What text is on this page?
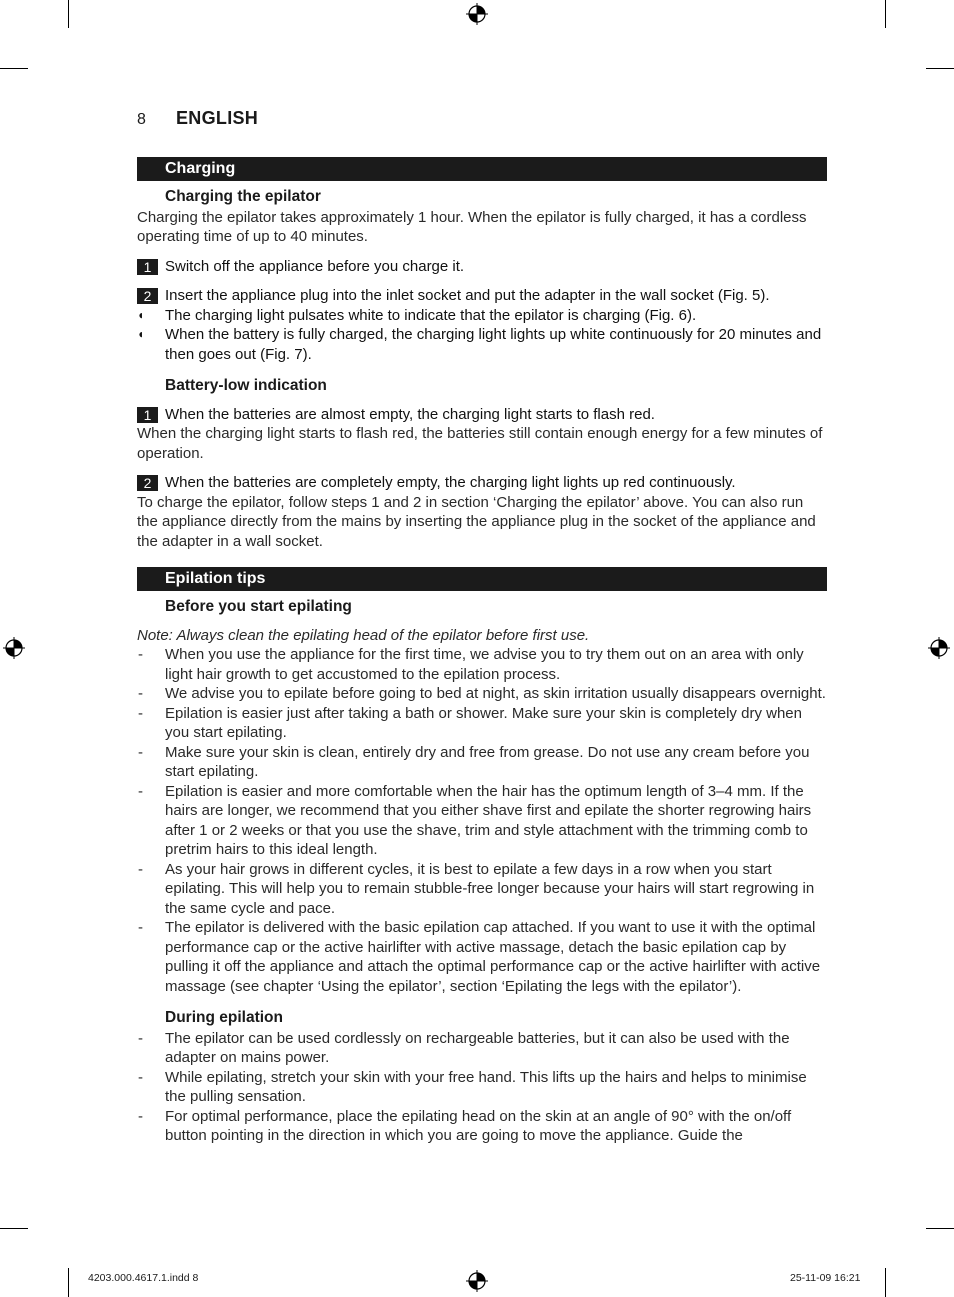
8 ENGLISH
Charging
Charging the epilator
Charging the epilator takes approximately 1 hour. When the epilator is fully charged, it has a cordless operating time of up to 40 minutes.
1 Switch off the appliance before you charge it.
2 Insert the appliance plug into the inlet socket and put the adapter in the wall socket (Fig. 5).
◖ The charging light pulsates white to indicate that the epilator is charging (Fig. 6).
◖ When the battery is fully charged, the charging light lights up white continuously for 20 minutes and then goes out (Fig. 7).
Battery-low indication
1 When the batteries are almost empty, the charging light starts to flash red.
When the charging light starts to flash red, the batteries still contain enough energy for a few minutes of operation.
2 When the batteries are completely empty, the charging light lights up red continuously.
To charge the epilator, follow steps 1 and 2 in section ‘Charging the epilator’ above. You can also run the appliance directly from the mains by inserting the appliance plug in the socket of the appliance and the adapter in a wall socket.
Epilation tips
Before you start epilating
Note: Always clean the epilating head of the epilator before first use.
- When you use the appliance for the first time, we advise you to try them out on an area with only light hair growth to get accustomed to the epilation process.
- We advise you to epilate before going to bed at night, as skin irritation usually disappears overnight.
- Epilation is easier just after taking a bath or shower. Make sure your skin is completely dry when you start epilating.
- Make sure your skin is clean, entirely dry and free from grease. Do not use any cream before you start epilating.
- Epilation is easier and more comfortable when the hair has the optimum length of 3–4 mm. If the hairs are longer, we recommend that you either shave first and epilate the shorter regrowing hairs after 1 or 2 weeks or that you use the shave, trim and style attachment with the trimming comb to pretrim hairs to this ideal length.
- As your hair grows in different cycles, it is best to epilate a few days in a row when you start epilating. This will help you to remain stubble-free longer because your hairs will start regrowing in the same cycle and pace.
- The epilator is delivered with the basic epilation cap attached. If you want to use it with the optimal performance cap or the active hairlifter with active massage, detach the basic epilation cap by pulling it off the appliance and attach the optimal performance cap or the active hairlifter with active massage (see chapter ‘Using the epilator’, section ‘Epilating the legs with the epilator’).
During epilation
- The epilator can be used cordlessly on rechargeable batteries, but it can also be used with the adapter on mains power.
- While epilating, stretch your skin with your free hand. This lifts up the hairs and helps to minimise the pulling sensation.
- For optimal performance, place the epilating head on the skin at an angle of 90° with the on/off button pointing in the direction in which you are going to move the appliance. Guide the
4203.000.4617.1.indd 8	25-11-09 16:21
